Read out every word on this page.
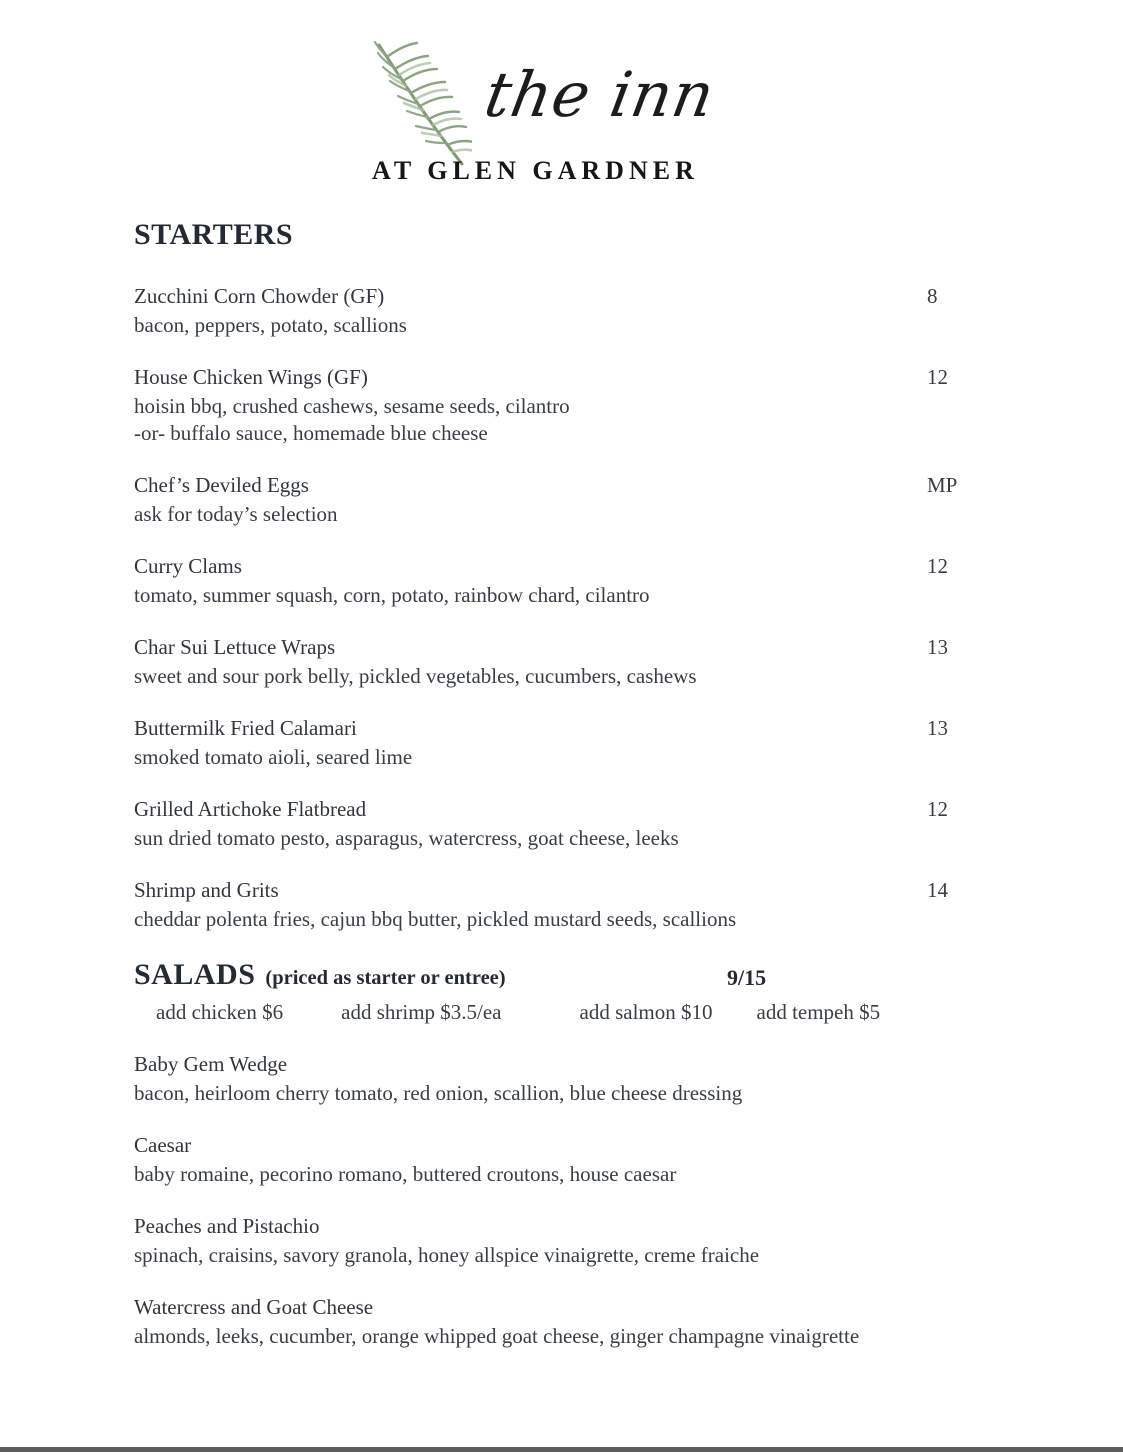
the inn
AT GLEN GARDNER
STARTERS
Zucchini Corn Chowder (GF)	8
bacon, peppers, potato, scallions
House Chicken Wings (GF)	12
hoisin bbq, crushed cashews, sesame seeds, cilantro
-or- buffalo sauce, homemade blue cheese
Chef’s Deviled Eggs	MP
ask for today’s selection
Curry Clams	12
tomato, summer squash, corn, potato, rainbow chard, cilantro
Char Sui Lettuce Wraps	13
sweet and sour pork belly, pickled vegetables, cucumbers, cashews
Buttermilk Fried Calamari	13
smoked tomato aioli, seared lime
Grilled Artichoke Flatbread	12
sun dried tomato pesto, asparagus, watercress, goat cheese, leeks
Shrimp and Grits	14
cheddar polenta fries, cajun bbq butter, pickled mustard seeds, scallions
SALADS (priced as starter or entree)	9/15
add chicken $6	add shrimp $3.5/ea	add salmon $10 add tempeh $5
Baby Gem Wedge
bacon, heirloom cherry tomato, red onion, scallion, blue cheese dressing
Caesar
baby romaine, pecorino romano, buttered croutons, house caesar
Peaches and Pistachio
spinach, craisins, savory granola, honey allspice vinaigrette, creme fraiche
Watercress and Goat Cheese
almonds, leeks, cucumber, orange whipped goat cheese, ginger champagne vinaigrette
